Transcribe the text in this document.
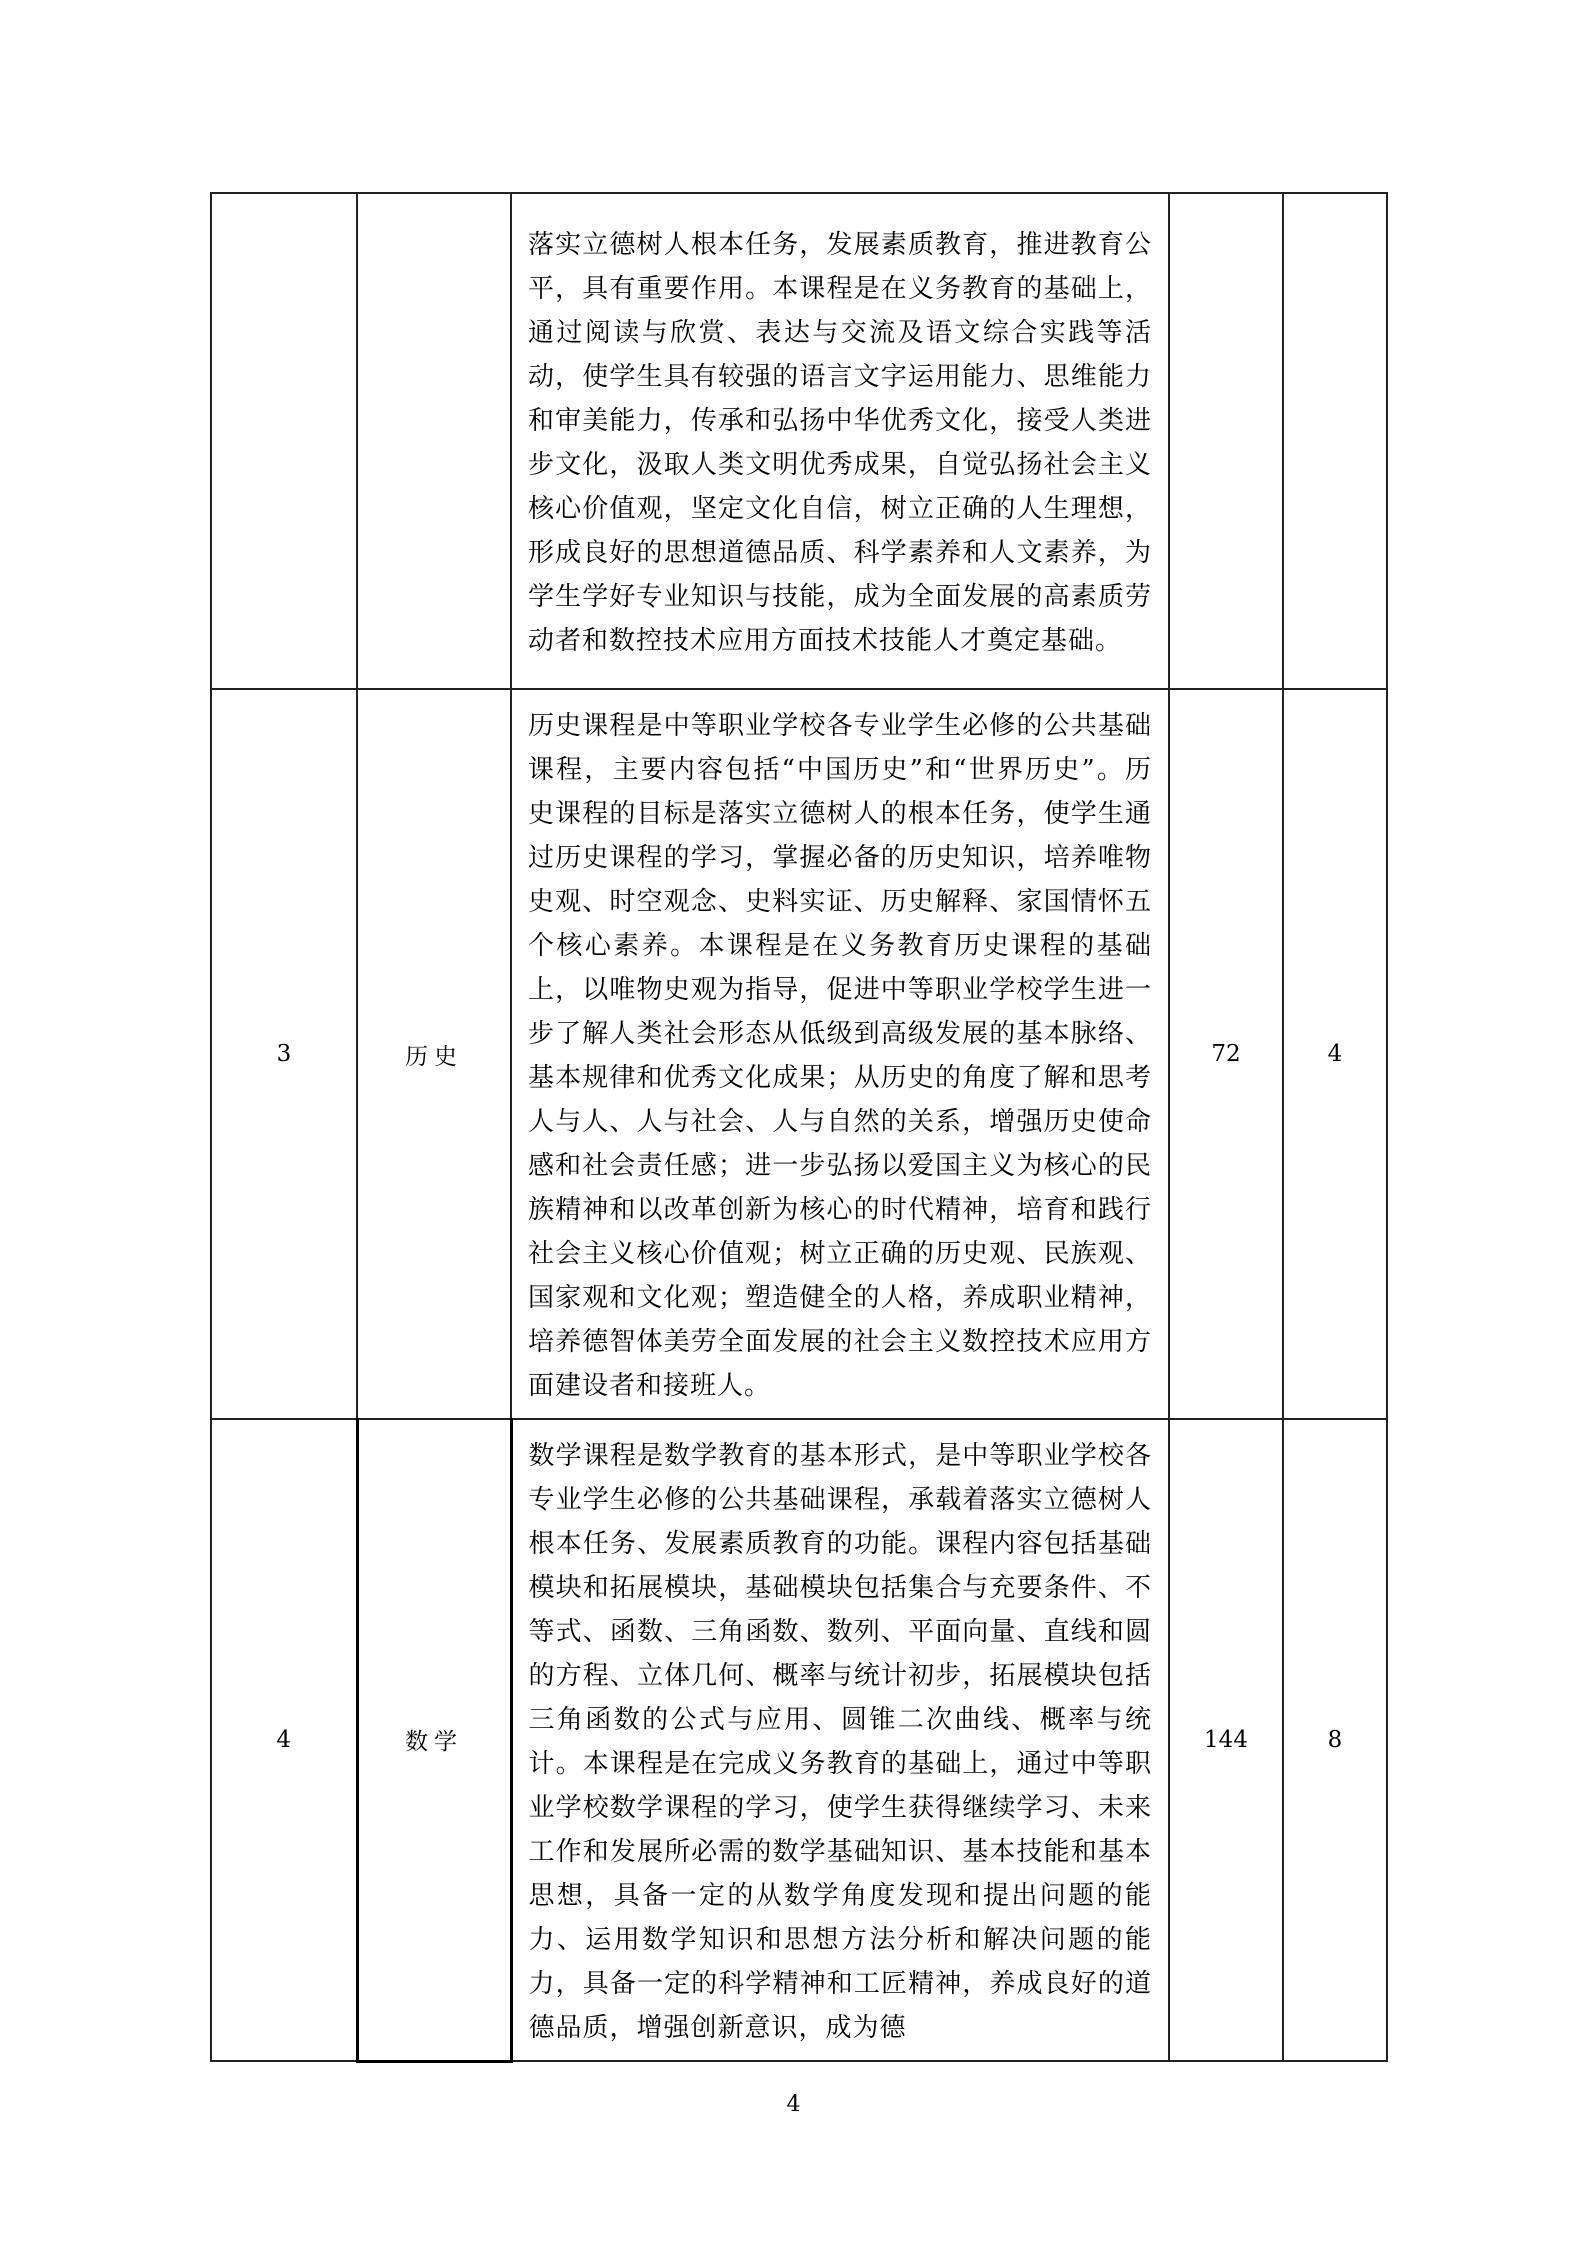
		落实立德树人根本任务，发展素质教育，推进教育公平，具有重要作用。本课程是在义务教育的基础上，通过阅读与欣赏、表达与交流及语文综合实践等活动，使学生具有较强的语言文字运用能力、思维能力和审美能力，传承和弘扬中华优秀文化，接受人类进步文化，汲取人类文明优秀成果，自觉弘扬社会主义核心价值观，坚定文化自信，树立正确的人生理想，形成良好的思想道德品质、科学素养和人文素养，为学生学好专业知识与技能，成为全面发展的高素质劳动者和数控技术应用方面技术技能人才奠定基础。		

3	历史	历史课程是中等职业学校各专业学生必修的公共基础课程，主要内容包括“中国历史”和“世界历史”。历史课程的目标是落实立德树人的根本任务，使学生通过历史课程的学习，掌握必备的历史知识，培养唯物史观、时空观念、史料实证、历史解释、家国情怀五个核心素养。本课程是在义务教育历史课程的基础上，以唯物史观为指导，促进中等职业学校学生进一步了解人类社会形态从低级到高级发展的基本脉络、基本规律和优秀文化成果；从历史的角度了解和思考人与人、人与社会、人与自然的关系，增强历史使命感和社会责任感；进一步弘扬以爱国主义为核心的民族精神和以改革创新为核心的时代精神，培育和践行社会主义核心价值观；树立正确的历史观、民族观、国家观和文化观；塑造健全的人格，养成职业精神，培养德智体美劳全面发展的社会主义数控技术应用方面建设者和接班人。	72	4
4	数学	数学课程是数学教育的基本形式，是中等职业学校各专业学生必修的公共基础课程，承载着落实立德树人根本任务、发展素质教育的功能。课程内容包括基础模块和拓展模块，基础模块包括集合与充要条件、不等式、函数、三角函数、数列、平面向量、直线和圆的方程、立体几何、概率与统计初步，拓展模块包括三角函数的公式与应用、圆锥二次曲线、概率与统计。本课程是在完成义务教育的基础上，通过中等职业学校数学课程的学习，使学生获得继续学习、未来工作和发展所必需的数学基础知识、基本技能和基本思想，具备一定的从数学角度发现和提出问题的能力、运用数学知识和思想方法分析和解决问题的能力，具备一定的科学精神和工匠精神，养成良好的道德品质，增强创新意识，成为德	144	8
4
